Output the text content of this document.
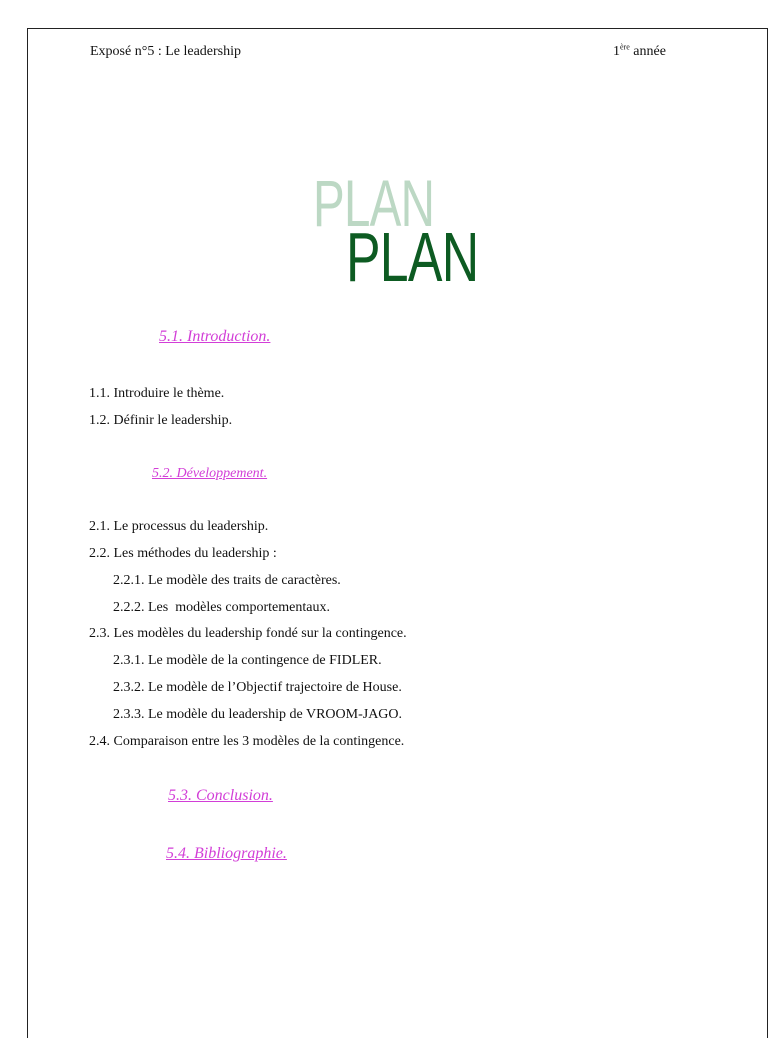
Exposé n°5 : Le leadership	1ère année
PLAN
PLAN
5.1. Introduction.
1.1. Introduire le thème.
1.2. Définir le leadership.
5.2. Développement.
2.1. Le processus du leadership.
2.2. Les méthodes du leadership :
2.2.1. Le modèle des traits de caractères.
2.2.2. Les  modèles comportementaux.
2.3. Les modèles du leadership fondé sur la contingence.
2.3.1. Le modèle de la contingence de FIDLER.
2.3.2. Le modèle de l’Objectif trajectoire de House.
2.3.3. Le modèle du leadership de VROOM-JAGO.
2.4. Comparaison entre les 3 modèles de la contingence.
5.3. Conclusion.
5.4. Bibliographie.
